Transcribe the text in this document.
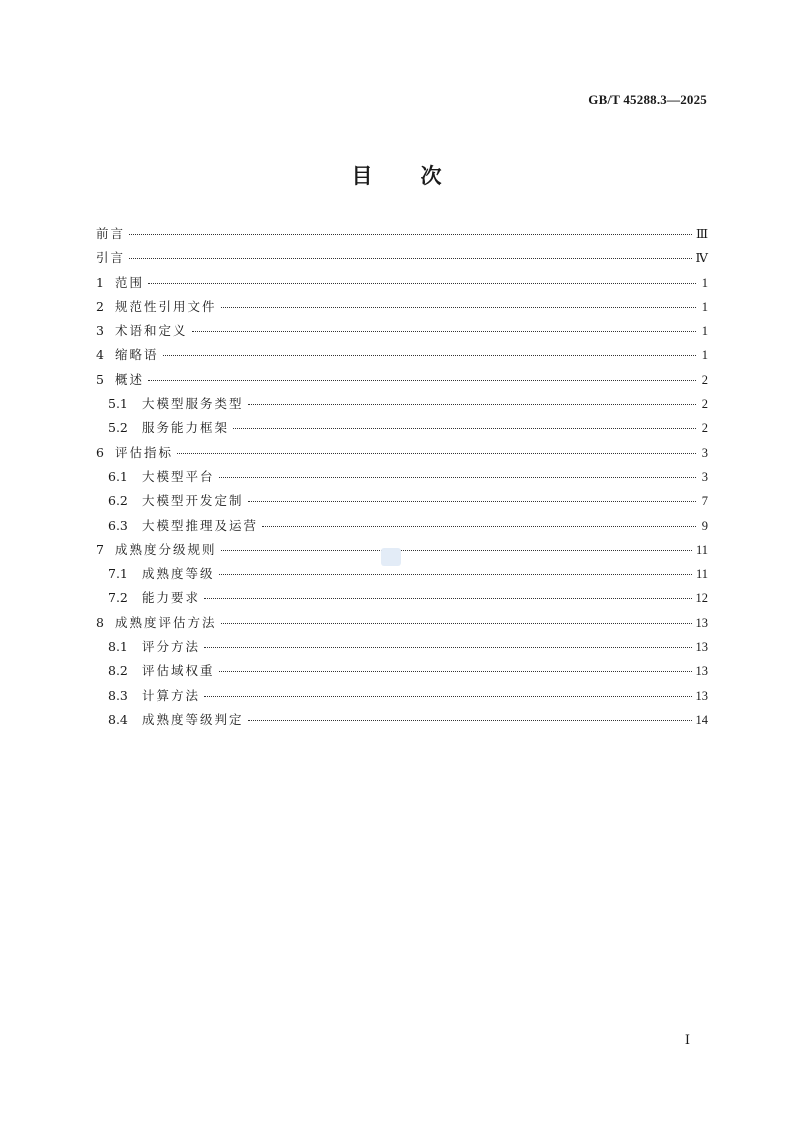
GB/T 45288.3—2025
目次
前言	Ⅲ
引言	Ⅳ
1 范围	1
2 规范性引用文件	1
3 术语和定义	1
4 缩略语	1
5 概述	2
5.1	大模型服务类型	2
5.2	服务能力框架	2
6 评估指标	3
6.1	大模型平台	3
6.2	大模型开发定制	7
6.3	大模型推理及运营	9
7 成熟度分级规则	11
7.1	成熟度等级	11
7.2	能力要求	12
8 成熟度评估方法	13
8.1	评分方法	13
8.2	评估域权重	13
8.3	计算方法	13
8.4	成熟度等级判定	14
Ⅰ
